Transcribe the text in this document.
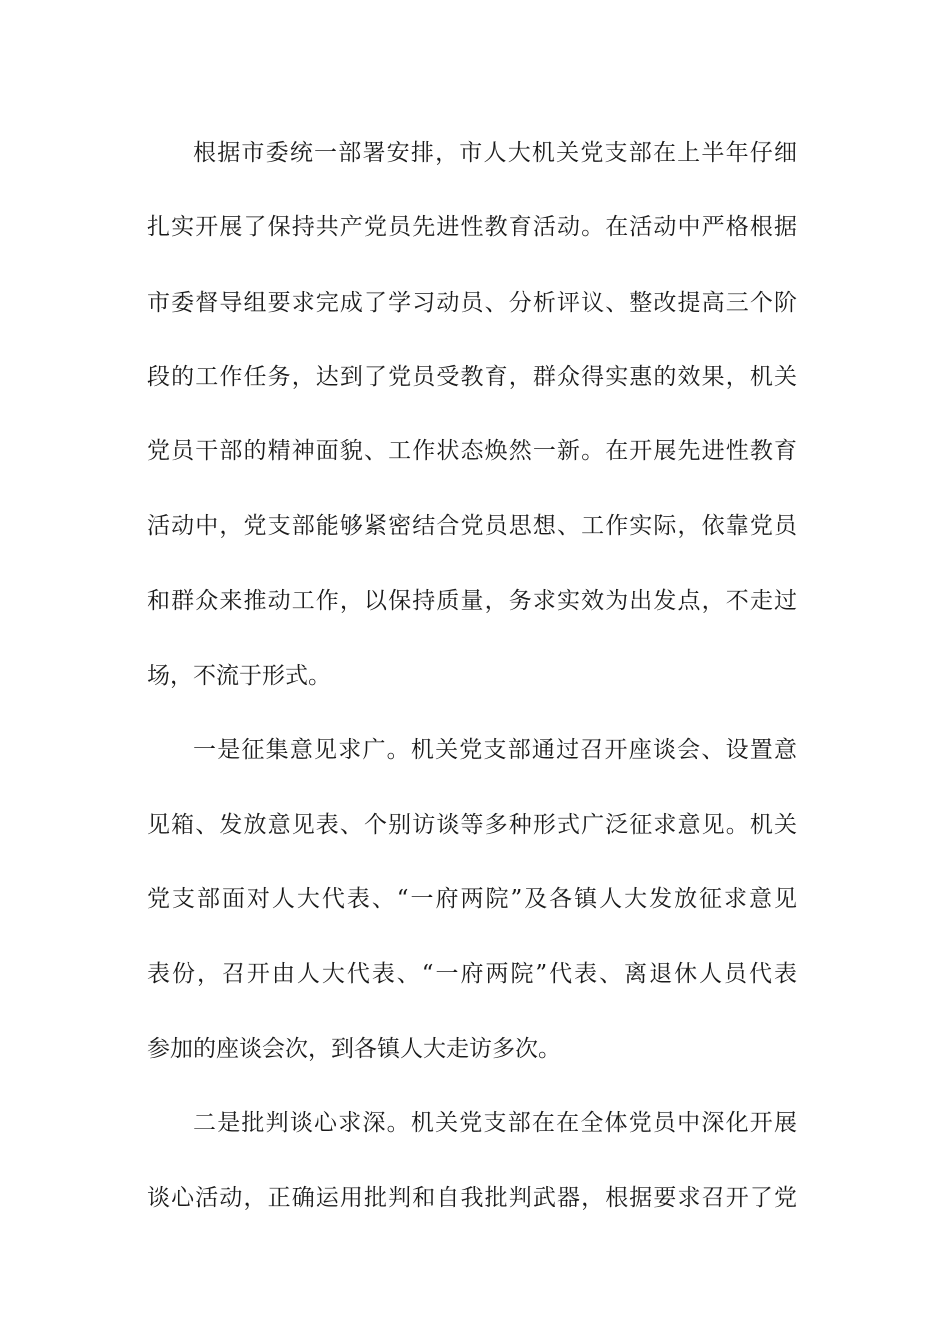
根据市委统一部署安排，市人大机关党支部在上半年仔细
扎实开展了保持共产党员先进性教育活动。在活动中严格根据
市委督导组要求完成了学习动员、分析评议、整改提高三个阶
段的工作任务，达到了党员受教育，群众得实惠的效果，机关
党员干部的精神面貌、工作状态焕然一新。在开展先进性教育
活动中，党支部能够紧密结合党员思想、工作实际，依靠党员
和群众来推动工作，以保持质量，务求实效为出发点，不走过
场，不流于形式。
一是征集意见求广。机关党支部通过召开座谈会、设置意
见箱、发放意见表、个别访谈等多种形式广泛征求意见。机关
党支部面对人大代表、“一府两院”及各镇人大发放征求意见
表份，召开由人大代表、“一府两院”代表、离退休人员代表
参加的座谈会次，到各镇人大走访多次。
二是批判谈心求深。机关党支部在在全体党员中深化开展
谈心活动，正确运用批判和自我批判武器，根据要求召开了党
